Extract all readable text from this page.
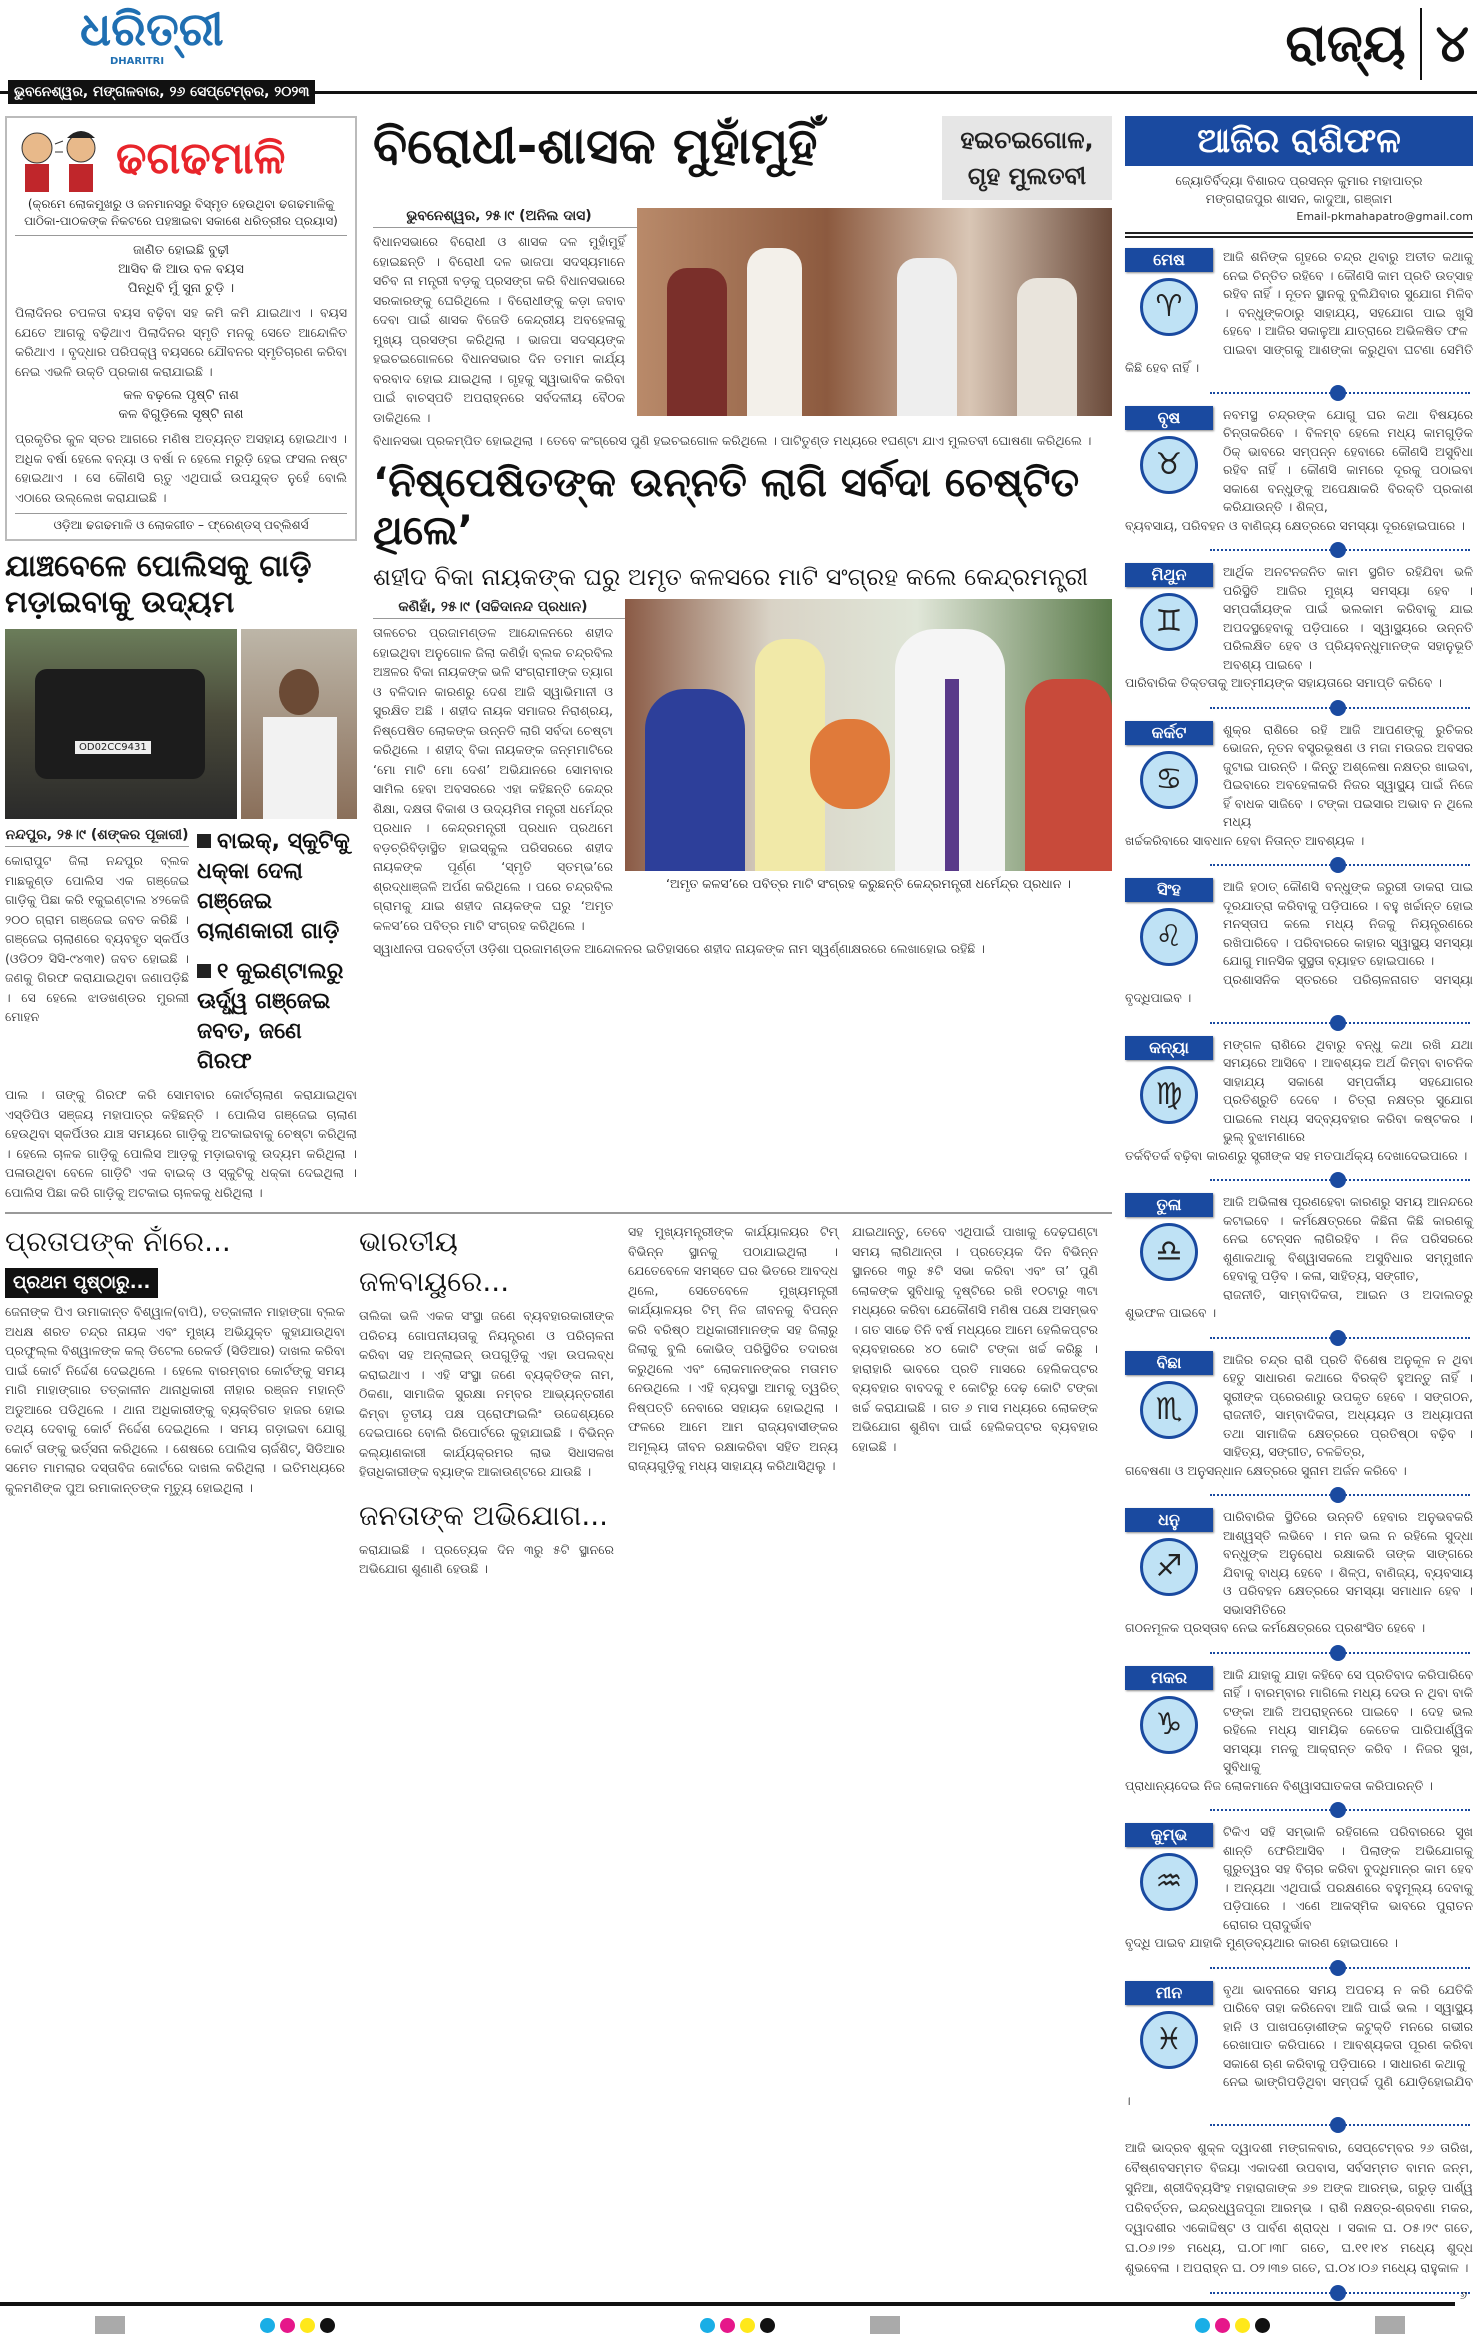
ଧରିତ୍ରୀ
DHARITRI
ଭୁବନେଶ୍ୱର, ମଙ୍ଗଳବାର, ୨୬ ସେପ୍ଟେମ୍ବର, ୨୦୨୩
ରାଜ୍ୟ ୪
ଢଗଢମାଳି
(କ୍ରମେ ଲୋକମୁଖରୁ ଓ ଜନମାନସରୁ ବିସ୍ମୃତ ହେଉଥିବା ଢଗଢମାଳିକୁ ପାଠିକା-ପାଠକଙ୍କ ନିକଟରେ ପହଞ୍ଚାଇବା ସକାଶେ ଧରିତ୍ରୀର ପ୍ରୟାସ)
ଜାଣିତ ହୋଇଛି ବୁଢ଼ୀ
ଆସିବ କି ଆଉ ବଳ ବୟସ
ପିନ୍ଧିବି ମୁଁ ସୁନା ଚୁଡ଼ି ।
ପିଲାଦିନର ଚପଳତା ବୟସ ବଢ଼ିବା ସହ କମି କମି ଯାଇଥାଏ । ବୟସ ଯେତେ ଆଗକୁ ବଢ଼ିଥାଏ ପିଲାଦିନର ସ୍ମୃତି ମନକୁ ସେତେ ଆନ୍ଦୋଳିତ କରିଥାଏ । ବୃଦ୍ଧାର ପରିପକ୍ୱ ବୟସରେ ଯୌବନର ସ୍ମୃତିଚାରଣ କରିବା ନେଇ ଏଭଳି ଉକ୍ତି ପ୍ରକାଶ କରାଯାଇଛି ।
କଳ ବଢ଼ଲେ ପୃଷ୍ଟି ନାଶ
କଳ ବିଗୁଡ଼ିଲେ ସୃଷ୍ଟି ନାଶ
ପ୍ରକୃତିର କୁଳ ସ୍ତର ଆଗରେ ମଣିଷ ଅତ୍ୟନ୍ତ ଅସହାୟ ହୋଇଥାଏ । ଅଧିକ ବର୍ଷା ହେଲେ ବନ୍ୟା ଓ ବର୍ଷା ନ ହେଲେ ମରୁଡ଼ି ହେଇ ଫସଲ ନଷ୍ଟ ହୋଇଥାଏ । ସେ କୌଣସି ଋତୁ ଏଥିପାଇଁ ଉପଯୁକ୍ତ ନୁହେଁ ବୋଲି ଏଠାରେ ଉଲ୍ଲେଖ କରାଯାଇଛି ।
ଓଡ଼ିଆ ଢଗଢମାଳି ଓ ଲୋକଗୀତ – ଫ୍ରେଣ୍ଡସ୍ ପବ୍ଲିଶର୍ସ
ଯାଞ୍ଚବେଳେ ପୋଲିସକୁ ଗାଡ଼ି ମଡ଼ାଇବାକୁ ଉଦ୍ୟମ
OD02CC9431
ନନ୍ଦପୁର, ୨୫।୯ (ଶଙ୍କର ପୂଜାରୀ)
କୋରାପୁଟ ଜିଲା ନନ୍ଦପୁର ବ୍ଲକ ମାଛକୁଣ୍ଡ ପୋଲିସ ଏକ ଗଞ୍ଜେଇ ଗାଡ଼ିକୁ ପିଛା କରି ୧କୁଇଣ୍ଟାଲ ୪୨କେଜି ୨୦୦ ଗ୍ରାମ ଗଞ୍ଜେଇ ଜବତ କରିଛି । ଗଞ୍ଜେଇ ଚାଲାଣରେ ବ୍ୟବହୃତ ସ୍କର୍ପିଓ (ଓଡି୦୨ ସିସି-୯୪୩୧) ଜବତ ହୋଇଛି । ଜଣକୁ ଗିରଫ କରାଯାଇଥିବା ଜଣାପଡ଼ିଛି । ସେ ହେଲେ ଝାଡଖଣ୍ଡର ମୁରଲୀ ମୋହନ
ବାଇକ୍, ସ୍କୁଟିକୁ ଧକ୍କା ଦେଲା ଗଞ୍ଜେଇ ଚାଲାଣକାରୀ ଗାଡ଼ି
୧ କୁଇଣ୍ଟାଲରୁ ଊର୍ଦ୍ଧ୍ୱ ଗଞ୍ଜେଇ ଜବତ, ଜଣେ ଗିରଫ
ପାଲ । ତାଙ୍କୁ ଗିରଫ କରି ସୋମବାର କୋର୍ଟଚାଲାଣ କରାଯାଇଥିବା ଏସ୍‌ଡିପିଓ ସଞ୍ଜୟ ମହାପାତ୍ର କହିଛନ୍ତି । ପୋଲିସ ଗଞ୍ଜେଇ ଚାଲାଣ ହେଉଥିବା ସ୍କର୍ପିଓର ଯାଞ୍ଚ ସମୟରେ ଗାଡ଼ିକୁ ଅଟକାଇବାକୁ ଚେଷ୍ଟା କରିଥିଲା । ହେଲେ ଚାଳକ ଗାଡ଼ିକୁ ପୋଲିସ ଆଡ଼କୁ ମଡ଼ାଇବାକୁ ଉଦ୍ୟମ କରିଥିଲା । ପଳାଉଥିବା ବେଳେ ଗାଡ଼ିଟି ଏକ ବାଇକ୍ ଓ ସ୍କୁଟିକୁ ଧକ୍କା ଦେଇଥିଲା । ପୋଲିସ ପିଛା କରି ଗାଡ଼ିକୁ ଅଟକାଇ ଚାଳକକୁ ଧରିଥିଲା ।
ବିରୋଧୀ-ଶାସକ ମୁହାଁମୁହିଁ	ହଇଚଇଗୋଳ,
ଗୃହ ମୁଲତବୀ
ଭୁବନେଶ୍ୱର, ୨୫।୯ (ଅନିଲ ଦାସ)
ବିଧାନସଭାରେ ବିରୋଧୀ ଓ ଶାସକ ଦଳ ମୁହାଁମୁହିଁ ହୋଇଛନ୍ତି । ବିରୋଧୀ ଦଳ ଭାଜପା ସଦସ୍ୟମାନେ ସଚିବ ନା ମନ୍ତ୍ରୀ ବଡ଼କୁ ପ୍ରସଙ୍ଗ କରି ବିଧାନସଭାରେ ସରକାରଙ୍କୁ ଘେରିଥିଲେ । ବିରୋଧୀଙ୍କୁ କଡ଼ା ଜବାବ ଦେବା ପାଇଁ ଶାସକ ବିଜେଡି କେନ୍ଦ୍ରୀୟ ଅବହେଳାକୁ ମୁଖ୍ୟ ପ୍ରସଙ୍ଗ କରିଥିଲା । ଭାଜପା ସଦସ୍ୟଙ୍କ ହଇଚଇଗୋଳରେ ବିଧାନସଭାର ଦିନ ତମାମ କାର୍ଯ୍ୟ ବରବାଦ ହୋଇ ଯାଇଥିଲା । ଗୃହକୁ ସ୍ୱାଭାବିକ କରିବା ପାଇଁ ବାଚସ୍ପତି ଅପରାହ୍ନରେ ସର୍ବଦଳୀୟ ବୈଠକ ଡାକିଥିଲେ ।
ବିଧାନସଭା ପ୍ରକମ୍ପିତ ହୋଇଥିଲା । ତେବେ କଂଗ୍ରେସ ପୁଣି ହଇଚଇଗୋଳ କରିଥିଲେ । ପାଟିତୁଣ୍ଡ ମଧ୍ୟରେ ୧ଘଣ୍ଟା ଯାଏ ମୁଲତବୀ ଘୋଷଣା କରିଥିଲେ ।
‘ନିଷ୍ପେଷିତଙ୍କ ଉନ୍ନତି ଲାଗି ସର୍ବଦା ଚେଷ୍ଟିତ ଥିଲେ’
ଶହୀଦ ବିକା ନାୟକଙ୍କ ଘରୁ ଅମୃତ କଳସରେ ମାଟି ସଂଗ୍ରହ କଲେ କେନ୍ଦ୍ରମନ୍ତ୍ରୀ
‘ଅମୃତ କଳସ’ରେ ପବିତ୍ର ମାଟି ସଂଗ୍ରହ କରୁଛନ୍ତି କେନ୍ଦ୍ରମନ୍ତ୍ରୀ ଧର୍ମେନ୍ଦ୍ର ପ୍ରଧାନ ।
କଣିହାଁ, ୨୫।୯ (ସଚ୍ଚିଦାନନ୍ଦ ପ୍ରଧାନ)
ତାଳଚେର ପ୍ରଜାମଣ୍ଡଳ ଆନ୍ଦୋଳନରେ ଶହୀଦ ହୋଇଥିବା ଅନୁଗୋଳ ଜିଲା କଣିହାଁ ବ୍ଲକ ଚନ୍ଦ୍ରବିଲ ଅଞ୍ଚଳର ବିକା ନାୟକଙ୍କ ଭଳି ସଂଗ୍ରାମୀଙ୍କ ତ୍ୟାଗ ଓ ବଳିଦାନ କାରଣରୁ ଦେଶ ଆଜି ସ୍ୱାଭିମାନୀ ଓ ସୁରକ୍ଷିତ ଅଛି । ଶହୀଦ ନାୟକ ସମାଜର ନିରାଶ୍ରୟ, ନିଷ୍ପେଷିତ ଲୋକଙ୍କ ଉନ୍ନତି ଲାଗି ସର୍ବଦା ଚେଷ୍ଟା କରିଥିଲେ । ଶହୀଦ୍ ବିକା ନାୟକଙ୍କ ଜନ୍ମମାଟିରେ ‘ମୋ ମାଟି ମୋ ଦେଶ’ ଅଭିଯାନରେ ସୋମବାର ସାମିଲ ହେବା ଅବସରରେ ଏହା କହିଛନ୍ତି କେନ୍ଦ୍ର ଶିକ୍ଷା, ଦକ୍ଷତା ବିକାଶ ଓ ଉଦ୍ୟମିତା ମନ୍ତ୍ରୀ ଧର୍ମେନ୍ଦ୍ର ପ୍ରଧାନ । କେନ୍ଦ୍ରମନ୍ତ୍ରୀ ପ୍ରଧାନ ପ୍ରଥମେ ବଡ଼ଚ୍ରିବିଡ଼ାସ୍ଥିତ ହାଇସ୍କୁଲ ପରିସରରେ ଶହୀଦ ନାୟକଙ୍କ ପୂର୍ଣ୍ଣ ‘ସ୍ମୃତି ସ୍ତମ୍ଭ’ରେ ଶ୍ରଦ୍ଧାଞ୍ଜଳି ଅର୍ପଣ କରିଥିଲେ । ପରେ ଚନ୍ଦ୍ରବିଲ ଗ୍ରାମକୁ ଯାଇ ଶହୀଦ ନାୟକଙ୍କ ଘରୁ ‘ଅମୃତ କଳସ’ରେ ପବିତ୍ର ମାଟି ସଂଗ୍ରହ କରିଥିଲେ ।
ସ୍ୱାଧୀନତା ପରବର୍ତ୍ତୀ ଓଡ଼ିଶା ପ୍ରଜାମଣ୍ଡଳ ଆନ୍ଦୋଳନର ଇତିହାସରେ ଶହୀଦ ନାୟକଙ୍କ ନାମ ସ୍ୱର୍ଣ୍ଣାକ୍ଷରରେ ଲେଖାହୋଇ ରହିଛି ।
ପ୍ରତାପଙ୍କ ନାଁରେ...
ପ୍ରଥମ ପୃଷ୍ଠାରୁ...
ଜେନାଙ୍କ ପିଏ ଉମାକାନ୍ତ ବିଶ୍ୱାଳ(ବାପି), ତତ୍କାଳୀନ ମାହାଙ୍ଗା ବ୍ଲକ ଅଧକ୍ଷ ଶରତ ଚନ୍ଦ୍ର ନାୟକ ଏବଂ ମୁଖ୍ୟ ଅଭିଯୁକ୍ତ କୁହାଯାଉଥିବା ପ୍ରଫୁଲ୍ଲ ବିଶ୍ୱାଳଙ୍କ କଲ୍ ଡିଟେଲ ରେକର୍ଡ (ସିଡିଆର) ଦାଖଲ କରିବା ପାଇଁ କୋର୍ଟ ନିର୍ଦ୍ଦେଶ ଦେଇଥିଲେ । ହେଲେ ବାରମ୍ବାର କୋର୍ଟଙ୍କୁ ସମୟ ମାଗି ମାହାଙ୍ଗାର ତତ୍କାଳୀନ ଥାନାଧିକାରୀ ନୀହାର ରଞ୍ଜନ ମହାନ୍ତି ଅଡୁଆରେ ପଡିଥିଲେ । ଥାନା ଅଧିକାରୀଙ୍କୁ ବ୍ୟକ୍ତିଗତ ହାଜର ହୋଇ ତଥ୍ୟ ଦେବାକୁ କୋର୍ଟ ନିର୍ଦ୍ଦେଶ ଦେଇଥିଲେ । ସମୟ ଗଡ଼ାଇବା ଯୋଗୁ କୋର୍ଟ ତାଙ୍କୁ ଭର୍ତ୍ସନା କରିଥିଲେ । ଶେଷରେ ପୋଲିସ ଚାର୍ଜଶିଟ୍, ସିଡିଆର ସମେତ ମାମଲାର ଦସ୍ତାବିଜ କୋର୍ଟରେ ଦାଖଲ କରିଥିଲା । ଇତିମଧ୍ୟରେ କୁଳମଣିଙ୍କ ପୁଅ ରମାକାନ୍ତଙ୍କ ମୃତ୍ୟୁ ହୋଇଥିଲା ।
ଭାରତୀୟ ଜଳବାୟୁରେ...
ତାଲିକା ଭଳି ଏକକ ସଂସ୍ଥା ଜଣେ ବ୍ୟବହାରକାରୀଙ୍କ ପରିଚୟ ଗୋପନୀୟତାକୁ ନିୟନ୍ତ୍ରଣ ଓ ପରିଚାଳନା କରିବା ସହ ଅନ୍‌ଲାଇନ୍ ଉପଗୁଡ଼ିକୁ ଏହା ଉପଲବ୍ଧ କରାଇଥାଏ । ଏହି ସଂସ୍ଥା ଜଣେ ବ୍ୟକ୍ତିଙ୍କ ନାମ, ଠିକଣା, ସାମାଜିକ ସୁରକ୍ଷା ନମ୍ବର ଆଭ୍ୟନ୍ତରୀଣ କିମ୍ବା ତୃତୀୟ ପକ୍ଷ ପ୍ରୋଫାଇଲିଂ ଉଦ୍ଦେଶ୍ୟରେ ଦେଇପାରେ ବୋଲି ରିପୋର୍ଟରେ କୁହାଯାଇଛି । ବିଭିନ୍ନ କଲ୍ୟାଣକାରୀ କାର୍ଯ୍ୟକ୍ରମର ଲାଭ ସିଧାସଳଖ ହିତାଧିକାରୀଙ୍କ ବ୍ୟାଙ୍କ ଆକାଉଣ୍ଟରେ ଯାଉଛି ।
ଜନତାଙ୍କ ଅଭିଯୋଗ...
କରାଯାଇଛି । ପ୍ରତ୍ୟେକ ଦିନ ୩ରୁ ୫ଟି ସ୍ଥାନରେ ଅଭିଯୋଗ ଶୁଣାଣି ହେଉଛି ।
ସହ ମୁଖ୍ୟମନ୍ତ୍ରୀଙ୍କ କାର୍ଯ୍ୟାଳୟର ଟିମ୍ ବିଭିନ୍ନ ସ୍ଥାନକୁ ପଠାଯାଇଥିଲା । ଯେତେବେଳେ ସମସ୍ତେ ଘର ଭିତରେ ଆବଦ୍ଧ ଥିଲେ, ସେତେବେଳେ ମୁଖ୍ୟମନ୍ତ୍ରୀ କାର୍ଯ୍ୟାଳୟର ଟିମ୍ ନିଜ ଜୀବନକୁ ବିପନ୍ନ କରି ବରିଷ୍ଠ ଅଧିକାରୀମାନଙ୍କ ସହ ଜିଲାରୁ ଜିଲାକୁ ବୁଲି କୋଭିଡ୍ ପରିସ୍ଥିତିର ତଦାରଖ କରୁଥିଲେ ଏବଂ ଲୋକମାନଙ୍କର ମତାମତ ନେଉଥିଲେ । ଏହି ବ୍ୟବସ୍ଥା ଆମକୁ ତ୍ୱରିତ୍ ନିଷ୍ପତ୍ତି ନେବାରେ ସହାୟକ ହୋଇଥିଲା । ଫଳରେ ଆମେ ଆମ ରାଜ୍ୟବାସୀଙ୍କର ଅମୂଲ୍ୟ ଜୀବନ ରକ୍ଷାକରିବା ସହିତ ଅନ୍ୟ ରାଜ୍ୟଗୁଡ଼ିକୁ ମଧ୍ୟ ସାହାଯ୍ୟ କରିଥାସିଥିଲୁ ।
ଯାଇଥାନ୍ତୁ, ତେବେ ଏଥିପାଇଁ ପାଖାକୁ ଦେଢ଼ଘଣ୍ଟା ସମୟ ଲାଗିଥାନ୍ତା । ପ୍ରତ୍ୟେକ ଦିନ ବିଭିନ୍ନ ସ୍ଥାନରେ ୩ରୁ ୫ଟି ସଭା କରିବା ଏବଂ ତା’ ପୁଣି ଲୋକଙ୍କ ସୁବିଧାକୁ ଦୃଷ୍ଟିରେ ରଖି ୧୦ଟାରୁ ୩ଟା ମଧ୍ୟରେ କରିବା ଯେକୌଣସି ମଣିଷ ପକ୍ଷେ ଅସମ୍ଭବ । ଗତ ସାଢେ ତିନି ବର୍ଷ ମଧ୍ୟରେ ଆମେ ହେଲିକପ୍ଟର ବ୍ୟବହାରରେ ୪୦ କୋଟି ଟଙ୍କା ଖର୍ଚ୍ଚ କରିଛୁ । ହାରାହାରି ଭାବରେ ପ୍ରତି ମାସରେ ହେଲିକପ୍ଟର ବ୍ୟବହାର ବାବଦକୁ ୧ କୋଟିରୁ ଦେଢ଼ କୋଟି ଟଙ୍କା ଖର୍ଚ୍ଚ କରାଯାଇଛି । ଗତ ୬ ମାସ ମଧ୍ୟରେ ଲୋକଙ୍କ ଅଭିଯୋଗ ଶୁଣିବା ପାଇଁ ହେଲିକପ୍ଟର ବ୍ୟବହାର ହୋଇଛି ।
ଆଜିର ରାଶିଫଳ
ଜ୍ୟୋତିର୍ବିଦ୍ୟା ବିଶାରଦ ପ୍ରସନ୍ନ କୁମାର ମହାପାତ୍ର
ମଙ୍ଗରାଜପୁର ଶାସନ, କାଦୁଆ, ଗଞ୍ଜାମ
Email-pkmahapatro@gmail.com
ମେଷ
♈
ଆଜି ଶନିଙ୍କ ଗୃହରେ ଚନ୍ଦ୍ର ଥିବାରୁ ଅତୀତ କଥାକୁ ନେଇ ଚିନ୍ତିତ ରହିବେ । କୌଣସି କାମ ପ୍ରତି ଉତ୍ସାହ ରହିବ ନାହିଁ । ନୂତନ ସ୍ଥାନକୁ ବୁଲିଯିବାର ସୁଯୋଗ ମିଳିବ । ବନ୍ଧୁଙ୍କଠାରୁ ସାହାଯ୍ୟ, ସହଯୋଗ ପାଇ ଖୁସି ହେବେ । ଆଜିର ସକାଳୁଆ ଯାତ୍ରାରେ ଅଭିଳଷିତ ଫଳ
ପାଇବା ସାଙ୍ଗକୁ ଆଶଙ୍କା କରୁଥିବା ଘଟଣା ସେମିତି କିଛି ହେବ ନାହିଁ ।
ବୃଷ
♉
ନବମସ୍ଥ ଚନ୍ଦ୍ରଙ୍କ ଯୋଗୁ ଘର କଥା ବିଷୟରେ ଚିନ୍ତାକରିବେ । ବିଳମ୍ବ ହେଲେ ମଧ୍ୟ କାମଗୁଡ଼ିକ ଠିକ୍ ଭାବରେ ସମ୍ପନ୍ନ ହେବାରେ କୌଣସି ଅସୁବିଧା ରହିବ ନାହିଁ । କୌଣସି କାମରେ ଦୂରକୁ ପଠାଇବା ସକାଶେ ବନ୍ଧୁଙ୍କୁ ଅପେକ୍ଷାକରି ବିରକ୍ତି ପ୍ରକାଶ କରିଯାଉନ୍ତି । ଶିଳ୍ପ,
ବ୍ୟବସାୟ, ପରିବହନ ଓ ବାଣିଜ୍ୟ କ୍ଷେତ୍ରରେ ସମସ୍ୟା ଦୂରହୋଇପାରେ ।
ମିଥୁନ
♊
ଆର୍ଥିକ ଅନଟନଜନିତ କାମ ସ୍ଥଗିତ ରହିଯିବା ଭଳି ପରିସ୍ଥିତି ଆଜିର ମୁଖ୍ୟ ସମସ୍ୟା ହେବ । ସମ୍ପର୍କୀୟଙ୍କ ପାଇଁ ଭଲକାମ କରିବାକୁ ଯାଇ ଅପଦସ୍ଥହେବାକୁ ପଡ଼ିପାରେ । ସ୍ୱାସ୍ଥ୍ୟରେ ଉନ୍ନତି ପରିଲକ୍ଷିତ ହେବ ଓ ପ୍ରିୟବନ୍ଧୁମାନଙ୍କ ସହାନୁଭୂତି ଅବଶ୍ୟ ପାଇବେ ।
ପାରିବାରିକ ତିକ୍ତତାକୁ ଆତ୍ମୀୟଙ୍କ ସହାୟତାରେ ସମାପ୍ତି କରିବେ ।
କର୍କଟ
♋
ଶୁକ୍ର ରାଶିରେ ରହି ଆଜି ଆପଣଙ୍କୁ ରୁଚିକର ଭୋଜନ, ନୂତନ ବସ୍ତ୍ରଭୂଷଣ ଓ ମଜା ମଉଜର ଅବସର ଜୁଟାଇ ପାରନ୍ତି । କିନ୍ତୁ ଅଶ୍ଳେଷା ନକ୍ଷତ୍ର ଖାଇବା, ପିଇବାରେ ଅବହେଳାକରି ନିଜର ସ୍ୱାସ୍ଥ୍ୟ ପାଇଁ ନିଜେ ହିଁ ବାଧକ ସାଜିବେ । ଟଙ୍କା ପଇସାର ଅଭାବ ନ ଥିଲେ ମଧ୍ୟ
ଖର୍ଚ୍ଚକରିବାରେ ସାବଧାନ ହେବା ନିତାନ୍ତ ଆବଶ୍ୟକ ।
ସିଂହ
♌
ଆଜି ହଠାତ୍ କୌଣସି ବନ୍ଧୁଙ୍କ ଜରୁରୀ ଡାକରା ପାଇ ଦୂରଯାତ୍ରା କରିବାକୁ ପଡ଼ିପାରେ । ବହୁ ଖର୍ଚ୍ଚାନ୍ତ ହୋଇ ମନସ୍ତାପ କଲେ ମଧ୍ୟ ନିଜକୁ ନିୟନ୍ତ୍ରଣରେ ରଖିପାରିବେ । ପରିବାରରେ କାହାର ସ୍ୱାସ୍ଥ୍ୟ ସମସ୍ୟା ଯୋଗୁ ମାନସିକ ସୁସ୍ଥତା ବ୍ୟାହତ ହୋଇପାରେ ।
ପ୍ରଶାସନିକ ସ୍ତରରେ ପରିଚାଳନାଗତ ସମସ୍ୟା ବୃଦ୍ଧିପାଇବ ।
କନ୍ୟା
♍
ମଙ୍ଗଳ ରାଶିରେ ଥିବାରୁ ବନ୍ଧୁ କଥା ରଖି ଯଥା ସମୟରେ ଆସିବେ । ଆବଶ୍ୟକ ଅର୍ଥ କିମ୍ବା ବାଚନିକ ସାହାଯ୍ୟ ସକାଶେ ସମ୍ପର୍କୀୟ ସହଯୋଗର ପ୍ରତିଶ୍ରୁତି ଦେବେ । ଚିତ୍ରା ନକ୍ଷତ୍ର ସୁଯୋଗ ପାଇଲେ ମଧ୍ୟ ସଦ୍‌ବ୍ୟବହାର କରିବା କଷ୍ଟକର । ଭୁଲ୍ ବୁଝାମଣାରେ
ତର୍କବିତର୍କ ବଢ଼ିବା କାରଣରୁ ସ୍ତ୍ରୀଙ୍କ ସହ ମତପାର୍ଥକ୍ୟ ଦେଖାଦେଇପାରେ ।
ତୁଳା
♎
ଆଜି ଅଭିଳାଷ ପୂରଣହେବା କାରଣରୁ ସମୟ ଆନନ୍ଦରେ କଟାଇବେ । କର୍ମକ୍ଷେତ୍ରରେ କିଛିନା କିଛି କାରଣକୁ ନେଇ ଟେନ୍‌ସନ ଲାଗିରହିବ । ନିଜ ପରିସରରେ ଶୁଣାକଥାକୁ ବିଶ୍ୱାସକଲେ ଅସୁବିଧାର ସମ୍ମୁଖୀନ ହେବାକୁ ପଡ଼ିବ । କଳା, ସାହିତ୍ୟ, ସଙ୍ଗୀତ,
ରାଜନୀତି, ସାମ୍ବାଦିକତା, ଆଇନ ଓ ଅଦାଲତରୁ ଶୁଭଫଳ ପାଇବେ ।
ବିଛା
♏
ଆଜିର ଚନ୍ଦ୍ର ରାଶି ପ୍ରତି ବିଶେଷ ଅନୁକୂଳ ନ ଥିବା ହେତୁ ସାଧାରଣ କଥାରେ ବିରକ୍ତି ହୁଅନ୍ତୁ ନାହିଁ । ସ୍ତ୍ରୀଙ୍କ ପ୍ରେରଣାରୁ ଉପକୃତ ହେବେ । ସଙ୍ଗଠନ, ରାଜନୀତି, ସାମ୍ବାଦିକତା, ଅଧ୍ୟୟନ ଓ ଅଧ୍ୟାପନା ତଥା ସାମାଜିକ କ୍ଷେତ୍ରରେ ପ୍ରତିଷ୍ଠା ବଢ଼ିବ । ସାହିତ୍ୟ, ସଙ୍ଗୀତ, ଚଳଚ୍ଚିତ୍ର,
ଗବେଷଣା ଓ ଅନୁସନ୍ଧାନ କ୍ଷେତ୍ରରେ ସୁନାମ ଅର୍ଜନ କରିବେ ।
ଧନୁ
♐
ପାରିବାରିକ ସ୍ଥିତିରେ ଉନ୍ନତି ହେବାର ଅନୁଭବକରି ଆଶ୍ୱସ୍ତି ଲଭିବେ । ମନ ଭଲ ନ ରହିଲେ ସୁଦ୍ଧା ବନ୍ଧୁଙ୍କ ଅନୁରୋଧ ରକ୍ଷାକରି ତାଙ୍କ ସାଙ୍ଗରେ ଯିବାକୁ ବାଧ୍ୟ ହେବେ । ଶିଳ୍ପ, ବାଣିଜ୍ୟ, ବ୍ୟବସାୟ ଓ ପରିବହନ କ୍ଷେତ୍ରରେ ସମସ୍ୟା ସମାଧାନ ହେବ । ସଭାସମିତିରେ
ଗଠନମୂଳକ ପ୍ରସ୍ତାବ ନେଇ କର୍ମକ୍ଷେତ୍ରରେ ପ୍ରଶଂସିତ ହେବେ ।
ମକର
♑
ଆଜି ଯାହାକୁ ଯାହା କହିବେ ସେ ପ୍ରତିବାଦ କରିପାରିବେ ନାହିଁ । ବାରମ୍ବାର ମାଗିଲେ ମଧ୍ୟ ଦେଉ ନ ଥିବା ବାକି ଟଙ୍କା ଆଜି ଅପରାହ୍ନରେ ପାଇବେ । ଦେହ ଭଲ ରହିଲେ ମଧ୍ୟ ସାମୟିକ କେତେକ ପାରିପାର୍ଶ୍ୱିକ ସମସ୍ୟା ମନକୁ ଆକ୍ରାନ୍ତ କରିବ । ନିଜର ସୁଖ, ସୁବିଧାକୁ
ପ୍ରାଧାନ୍ୟଦେଇ ନିଜ ଲୋକମାନେ ବିଶ୍ୱାସଘାତକତା କରିପାରନ୍ତି ।
କୁମ୍ଭ
♒
ଟିକିଏ ସହି ସମ୍ଭାଳି ରହିଗଲେ ପରିବାରରେ ସୁଖ ଶାନ୍ତି ଫେରିଆସିବ । ପିଲାଙ୍କ ଅଭିଯୋଗକୁ ଗୁରୁତ୍ୱର ସହ ବିଚାର କରିବା ବୁଦ୍ଧିମାନ୍‌ର କାମ ହେବ । ଅନ୍ୟଥା ଏଥିପାଇଁ ପରକ୍ଷଣରେ ବହୁମୂଲ୍ୟ ଦେବାକୁ ପଡ଼ିପାରେ । ଏଣେ ଆକସ୍ମିକ ଭାବରେ ପୁରାତନ ରୋଗର ପ୍ରାଦୁର୍ଭାବ
ବୃଦ୍ଧି ପାଇବ ଯାହାକି ମୁଣ୍ଡବ୍ୟଥାର କାରଣ ହୋଇପାରେ ।
ମୀନ
♓
ବୃଥା ଭାବନାରେ ସମୟ ଅପଚୟ ନ କରି ଯେତିକି ପାରିବେ ତାହା କରିନେବା ଆଜି ପାଇଁ ଭଲ । ସ୍ୱାସ୍ଥ୍ୟ ହାନି ଓ ପାଖପଡ଼ୋଶୀଙ୍କ କଟୁକ୍ତି ମନରେ ଗଭୀର ରେଖାପାତ କରିପାରେ । ଆବଶ୍ୟକତା ପୂରଣ କରିବା ସକାଶେ ଋଣ କରିବାକୁ ପଡ଼ିପାରେ । ସାଧାରଣ କଥାକୁ
ନେଇ ଭାଙ୍ଗିପଡ଼ିଥିବା ସମ୍ପର୍କ ପୁଣି ଯୋଡ଼ିହୋଇଯିବ ।
ଆଜି ଭାଦ୍ରବ ଶୁକ୍ଳ ଦ୍ୱାଦଶୀ ମଙ୍ଗଳବାର, ସେପ୍ଟେମ୍ବର ୨୬ ତାରିଖ, ବୈଷ୍ଣବସମ୍ମତ ବିଜୟା ଏକାଦଶୀ ଉପବାସ, ସର୍ବସମ୍ମତ ବାମନ ଜନ୍ମ, ସୁନିଆ, ଶ୍ରୀଦିବ୍ୟସିଂହ ମହାରାଜାଙ୍କ ୬୭ ଅଙ୍କ ଆରମ୍ଭ, ଗରୁଡ଼ ପାର୍ଶ୍ୱ ପରିବର୍ତ୍ତନ, ଇନ୍ଦ୍ରଧ୍ୱଜପୂଜା ଆରମ୍ଭ । ରାଶି ନକ୍ଷତ୍ର-ଶ୍ରବଣା ମକର, ଦ୍ୱାଦଶୀର ଏକୋଦ୍ଦିଷ୍ଟ ଓ ପାର୍ବଣ ଶ୍ରାଦ୍ଧ । ସକାଳ ଘ. ୦୫।୨୯ ଗତେ, ଘ.୦୬।୨୭ ମଧ୍ୟେ, ଘ.୦୮।୩୮ ଗତେ, ଘ.୧୧।୧୪ ମଧ୍ୟେ ଶୁଦ୍ଧ ଶୁଭବେଳା । ଅପରାହ୍ନ ଘ. ୦୨।୩୭ ଗତେ, ଘ.୦୪।୦୬ ମଧ୍ୟେ ରାହୁକାଳ ।
୬
